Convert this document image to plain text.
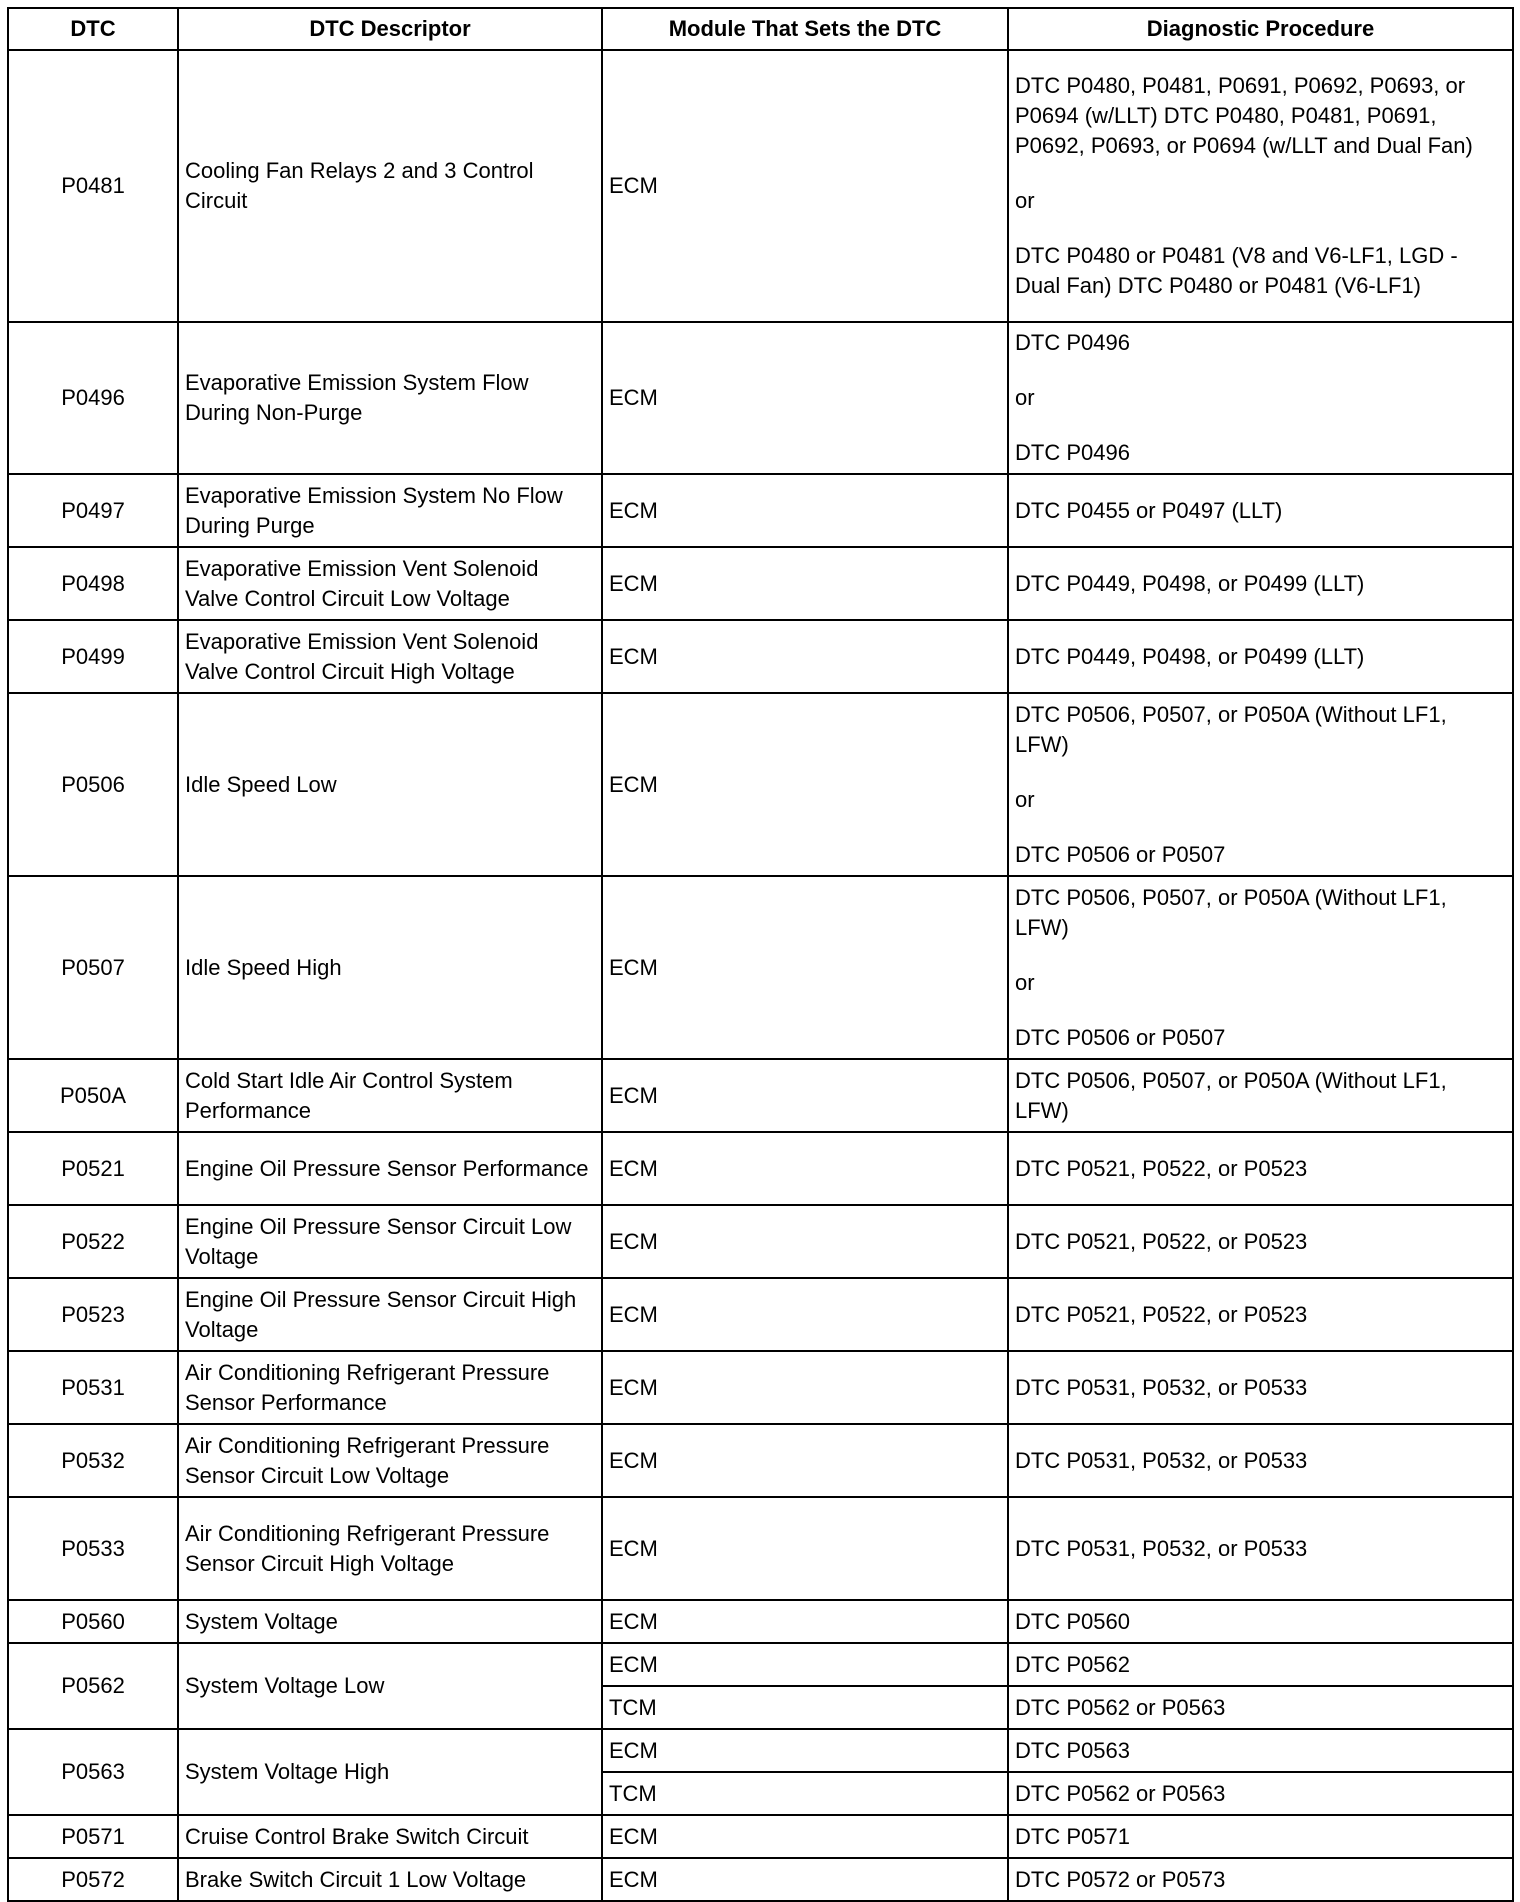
DTC	DTC Descriptor	Module That Sets the DTC	Diagnostic Procedure
P0481	Cooling Fan Relays 2 and 3 Control Circuit	ECM	DTC P0480, P0481, P0691, P0692, P0693, or P0694 (w/LLT) DTC P0480, P0481, P0691, P0692, P0693, or P0694 (w/LLT and Dual Fan)
or
DTC P0480 or P0481 (V8 and V6-LF1, LGD - Dual Fan) DTC P0480 or P0481 (V6-LF1)

P0496	Evaporative Emission System Flow During Non-Purge	ECM	DTC P0496
or
DTC P0496

P0497	Evaporative Emission System No Flow During Purge	ECM	DTC P0455 or P0497 (LLT)

P0498	Evaporative Emission Vent Solenoid Valve Control Circuit Low Voltage	ECM	DTC P0449, P0498, or P0499 (LLT)

P0499	Evaporative Emission Vent Solenoid Valve Control Circuit High Voltage	ECM	DTC P0449, P0498, or P0499 (LLT)

P0506	Idle Speed Low	ECM	DTC P0506, P0507, or P050A (Without LF1, LFW)
or
DTC P0506 or P0507

P0507	Idle Speed High	ECM	DTC P0506, P0507, or P050A (Without LF1, LFW)
or
DTC P0506 or P0507

P050A	Cold Start Idle Air Control System Performance	ECM	DTC P0506, P0507, or P050A (Without LF1, LFW)

P0521	Engine Oil Pressure Sensor Performance	ECM	DTC P0521, P0522, or P0523

P0522	Engine Oil Pressure Sensor Circuit Low Voltage	ECM	DTC P0521, P0522, or P0523

P0523	Engine Oil Pressure Sensor Circuit High Voltage	ECM	DTC P0521, P0522, or P0523

P0531	Air Conditioning Refrigerant Pressure Sensor Performance	ECM	DTC P0531, P0532, or P0533

P0532	Air Conditioning Refrigerant Pressure Sensor Circuit Low Voltage	ECM	DTC P0531, P0532, or P0533

P0533	Air Conditioning Refrigerant Pressure Sensor Circuit High Voltage	ECM	DTC P0531, P0532, or P0533

P0560	System Voltage	ECM	DTC P0560

P0562	System Voltage Low	ECM	DTC P0562

		TCM	DTC P0562 or P0563

P0563	System Voltage High	ECM	DTC P0563

		TCM	DTC P0562 or P0563

P0571	Cruise Control Brake Switch Circuit	ECM	DTC P0571

P0572	Brake Switch Circuit 1 Low Voltage	ECM	DTC P0572 or P0573
